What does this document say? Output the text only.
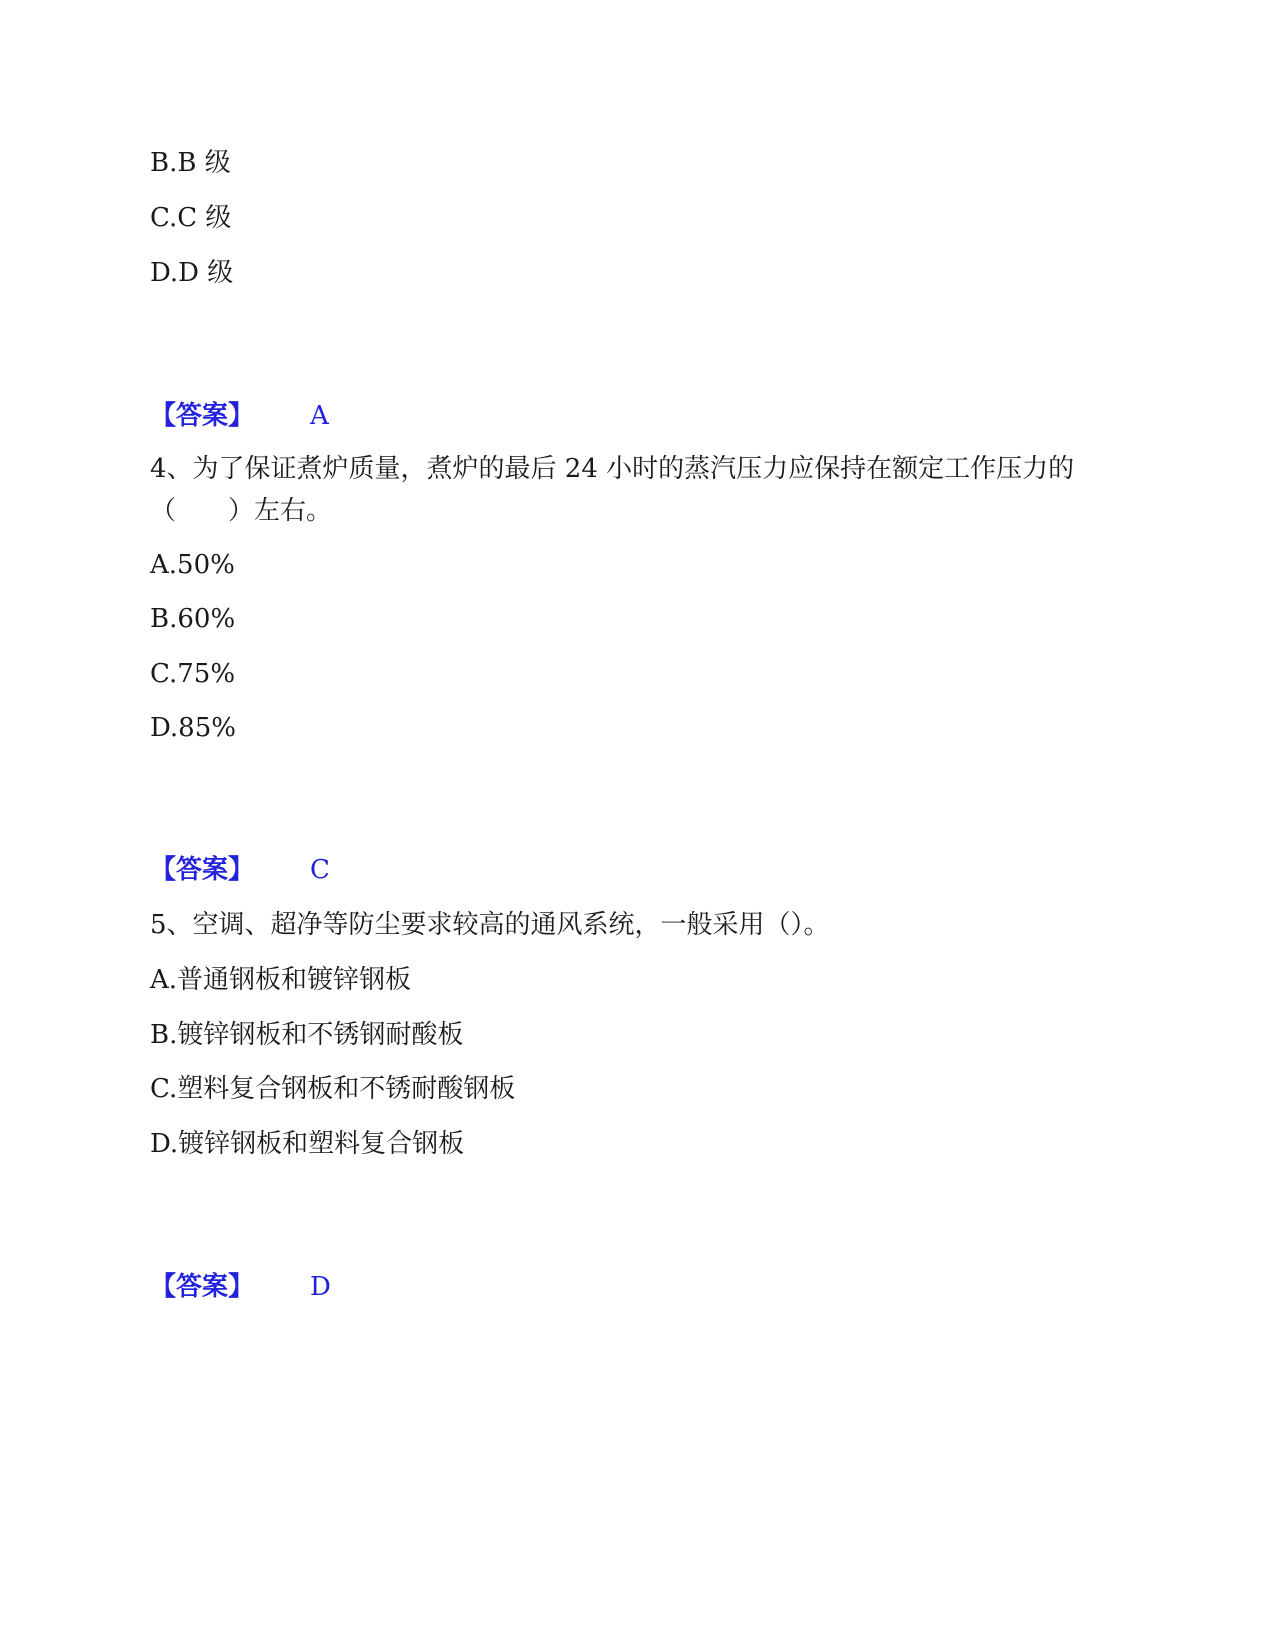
B.B 级
C.C 级
D.D 级
【答案】 A
4、为了保证煮炉质量，煮炉的最后 24 小时的蒸汽压力应保持在额定工作压力的（　　）左右。
A.50%
B.60%
C.75%
D.85%
【答案】 C
5、空调、超净等防尘要求较高的通风系统，一般采用（）。
A.普通钢板和镀锌钢板
B.镀锌钢板和不锈钢耐酸板
C.塑料复合钢板和不锈耐酸钢板
D.镀锌钢板和塑料复合钢板
【答案】 D
